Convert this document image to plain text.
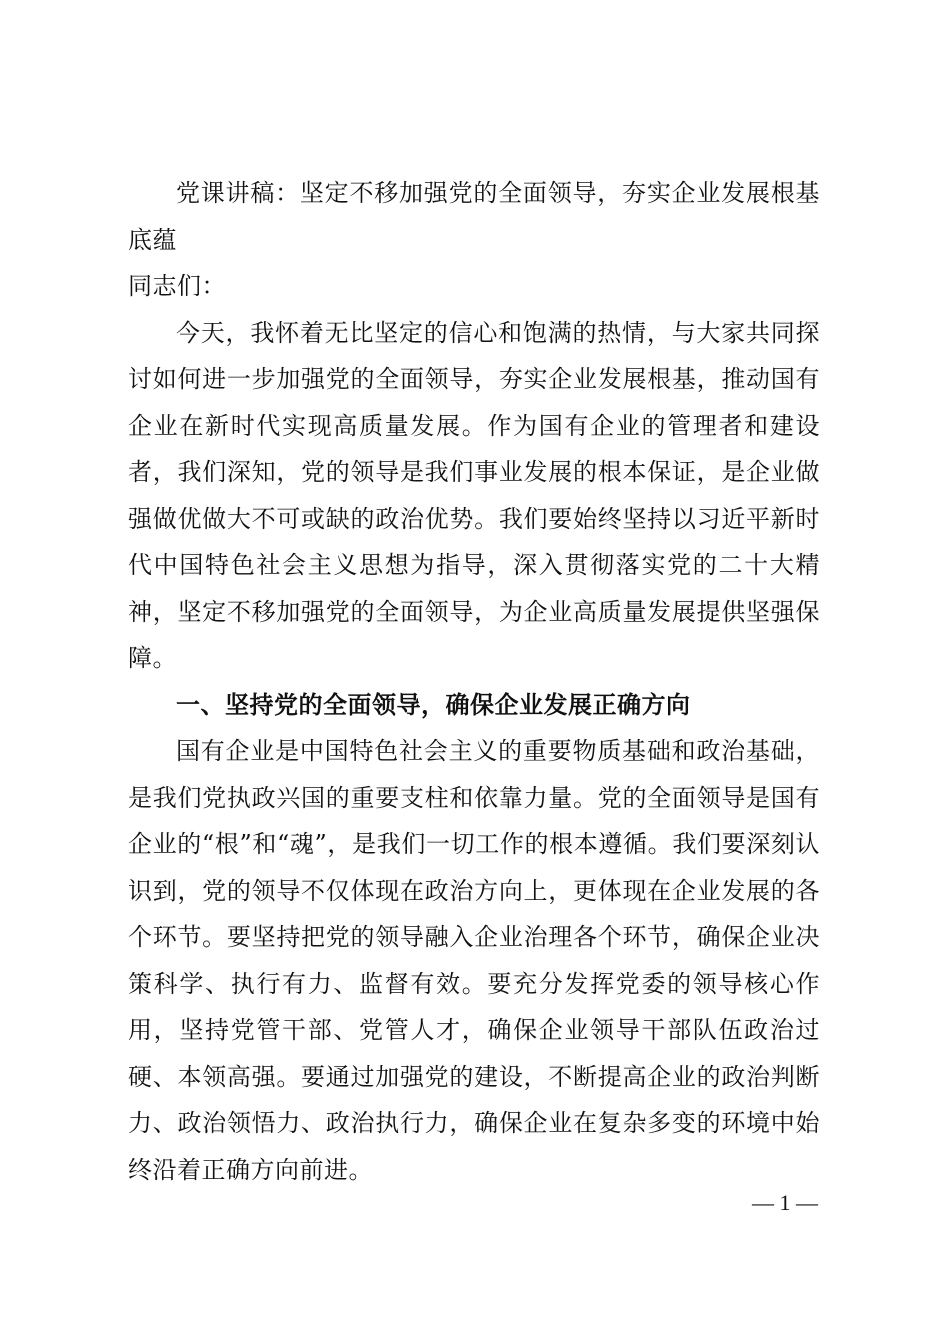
党课讲稿：坚定不移加强党的全面领导，夯实企业发展根基底蕴

同志们：

今天，我怀着无比坚定的信心和饱满的热情，与大家共同探讨如何进一步加强党的全面领导，夯实企业发展根基，推动国有企业在新时代实现高质量发展。作为国有企业的管理者和建设者，我们深知，党的领导是我们事业发展的根本保证，是企业做强做优做大不可或缺的政治优势。我们要始终坚持以习近平新时代中国特色社会主义思想为指导，深入贯彻落实党的二十大精神，坚定不移加强党的全面领导，为企业高质量发展提供坚强保障。

一、坚持党的全面领导，确保企业发展正确方向

国有企业是中国特色社会主义的重要物质基础和政治基础，是我们党执政兴国的重要支柱和依靠力量。党的全面领导是国有企业的“根”和“魂”，是我们一切工作的根本遵循。我们要深刻认识到，党的领导不仅体现在政治方向上，更体现在企业发展的各个环节。要坚持把党的领导融入企业治理各个环节，确保企业决策科学、执行有力、监督有效。要充分发挥党委的领导核心作用，坚持党管干部、党管人才，确保企业领导干部队伍政治过硬、本领高强。要通过加强党的建设，不断提高企业的政治判断力、政治领悟力、政治执行力，确保企业在复杂多变的环境中始终沿着正确方向前进。

— 1 —
